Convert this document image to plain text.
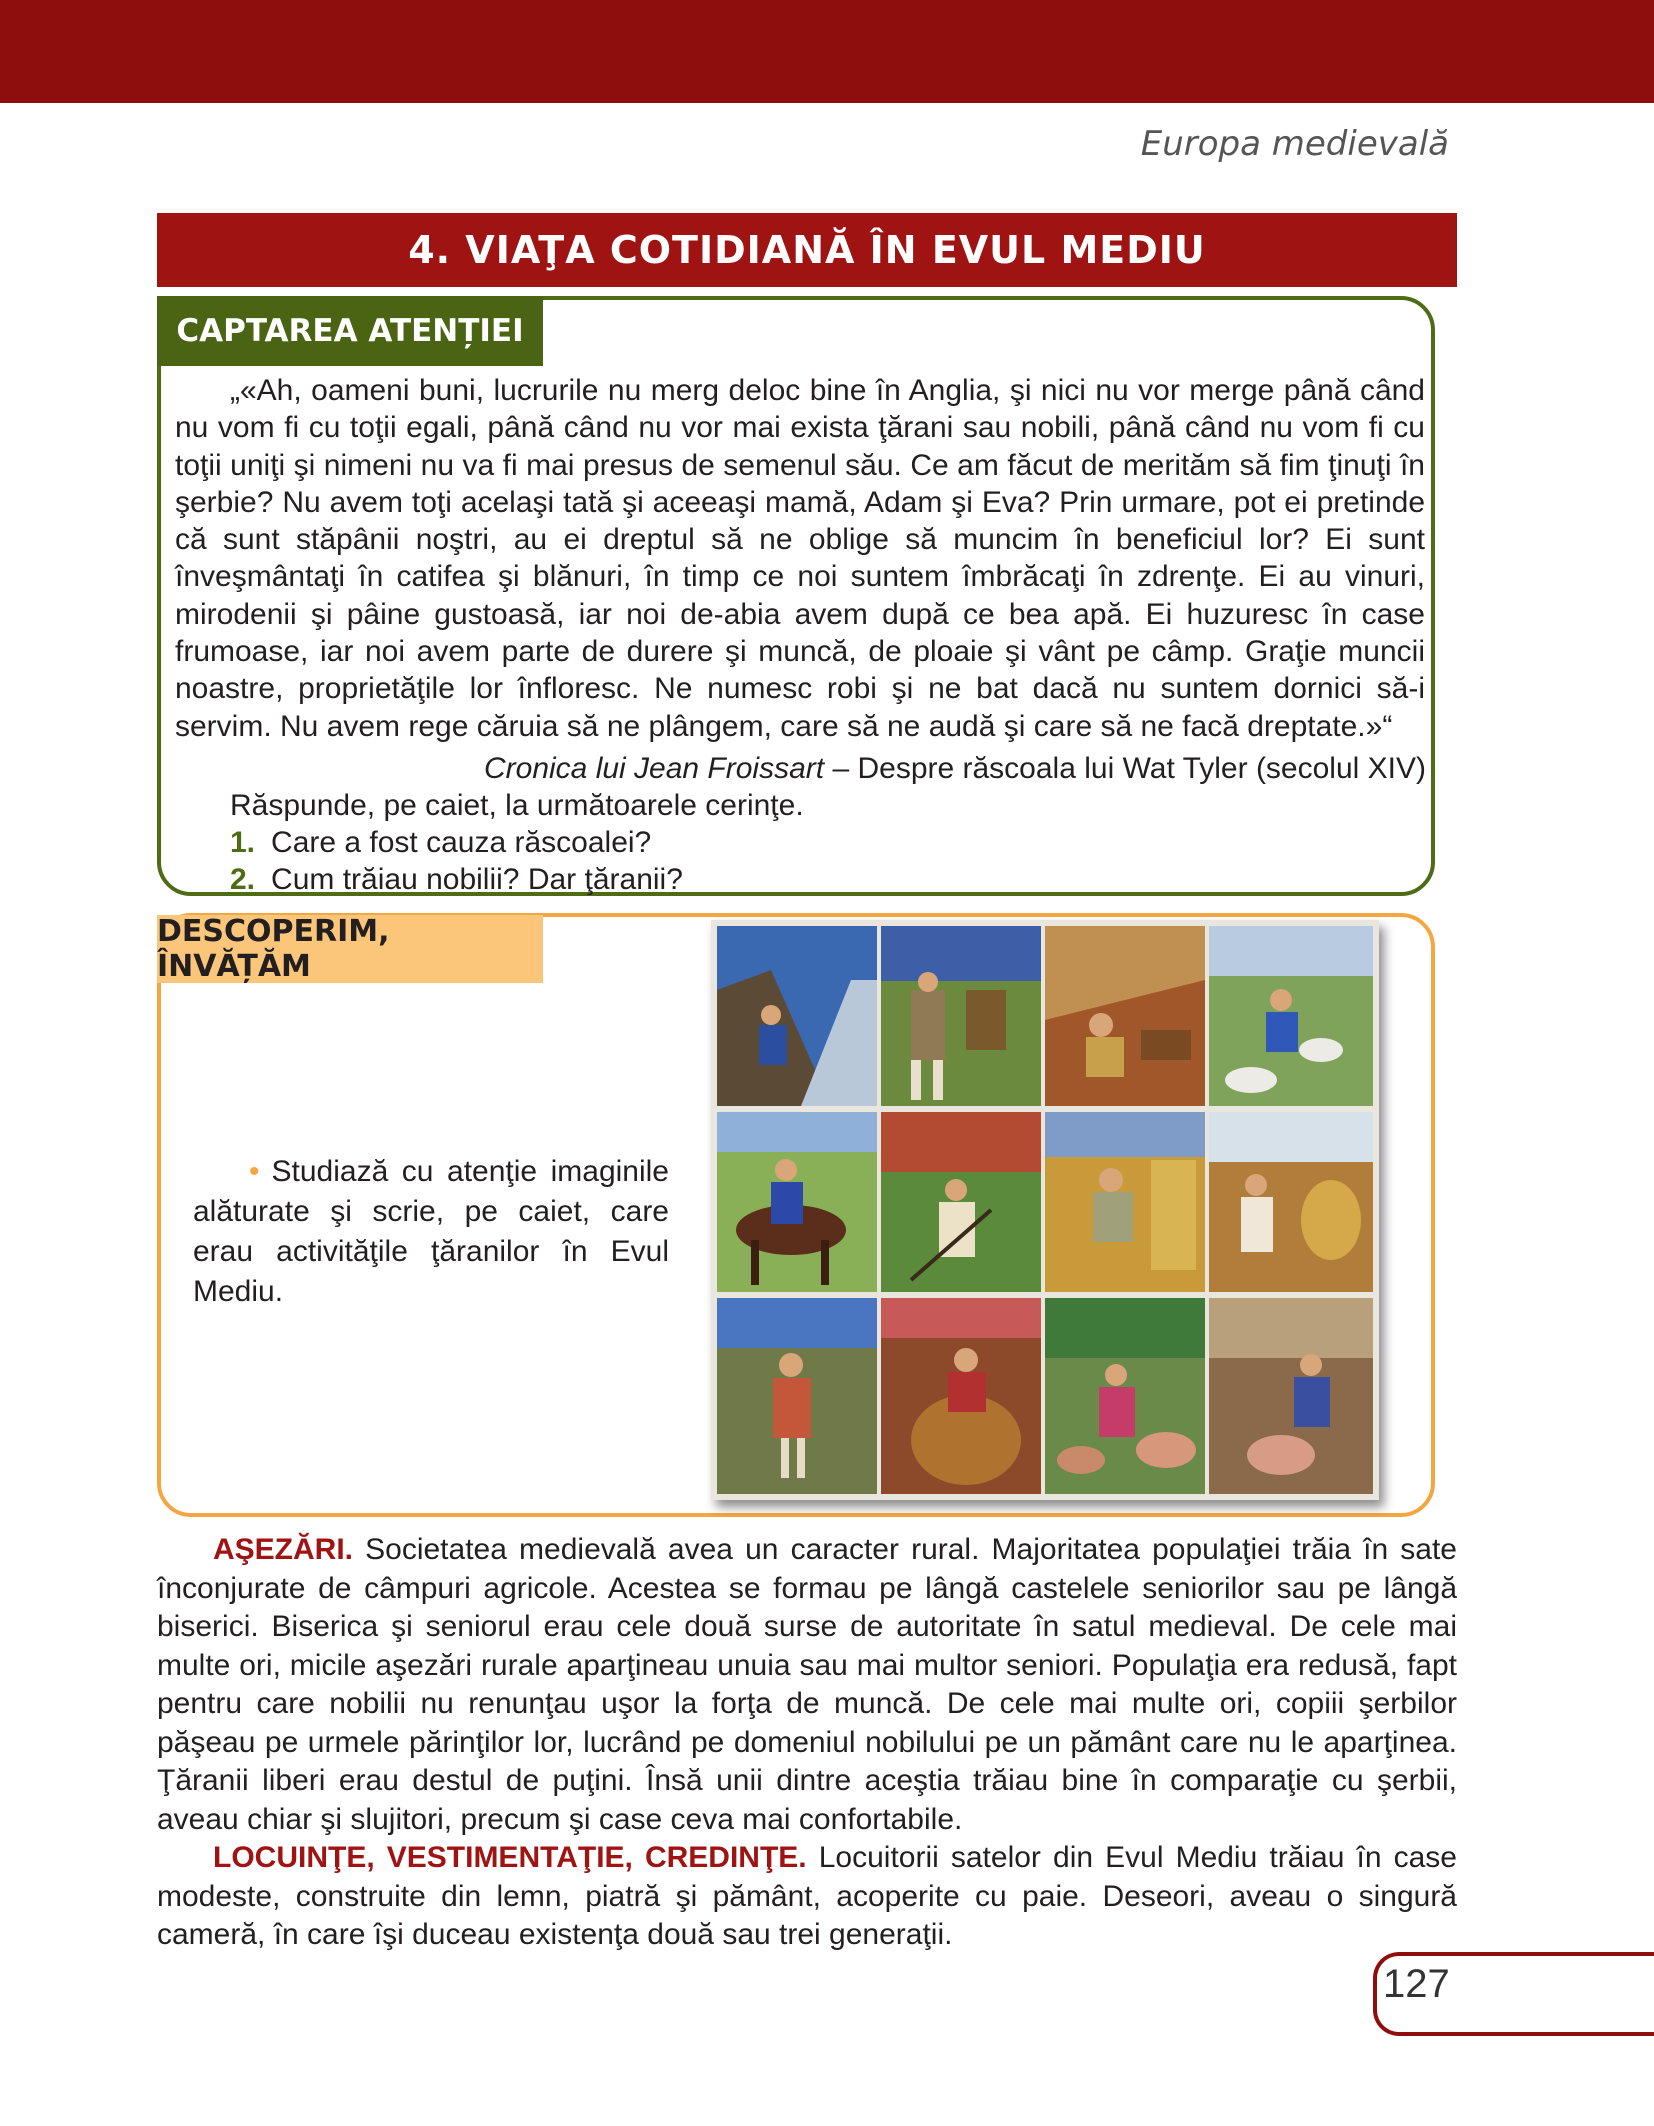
Europa medievală
4. VIAŢA COTIDIANĂ ÎN EVUL MEDIU
CAPTAREA ATENȚIEI

„«Ah, oameni buni, lucrurile nu merg deloc bine în Anglia, şi nici nu vor merge până când nu vom fi cu toţii egali, până când nu vor mai exista ţărani sau nobili, până când nu vom fi cu toţii uniţi şi nimeni nu va fi mai presus de semenul său. Ce am făcut de merităm să fim ţinuţi în şerbie? Nu avem toţi acelaşi tată şi aceeaşi mamă, Adam şi Eva? Prin urmare, pot ei pretinde că sunt stăpânii noştri, au ei dreptul să ne oblige să muncim în beneficiul lor? Ei sunt înveşmântaţi în catifea şi blănuri, în timp ce noi suntem îmbrăcaţi în zdrenţe. Ei au vinuri, mirodenii şi pâine gustoasă, iar noi de-abia avem după ce bea apă. Ei huzuresc în case frumoase, iar noi avem parte de durere şi muncă, de ploaie şi vânt pe câmp. Graţie muncii noastre, proprietăţile lor înfloresc. Ne numesc robi şi ne bat dacă nu suntem dornici să-i servim. Nu avem rege căruia să ne plângem, care să ne audă şi care să ne facă dreptate.»“

Cronica lui Jean Froissart – Despre răscoala lui Wat Tyler (secolul XIV)
Răspunde, pe caiet, la următoarele cerinţe.
1. Care a fost cauza răscoalei?
2. Cum trăiau nobilii? Dar ţăranii?
DESCOPERIM, ÎNVĂȚĂM
• Studiază cu atenţie imaginile alăturate şi scrie, pe caiet, care erau activităţile ţăranilor în Evul Mediu.

AŞEZĂRI. Societatea medievală avea un caracter rural. Majoritatea populaţiei trăia în sate înconjurate de câmpuri agricole. Acestea se formau pe lângă castelele seniorilor sau pe lângă biserici. Biserica şi seniorul erau cele două surse de autoritate în satul medieval. De cele mai multe ori, micile aşezări rurale aparţineau unuia sau mai multor seniori. Populaţia era redusă, fapt pentru care nobilii nu renunţau uşor la forţa de muncă. De cele mai multe ori, copiii şerbilor păşeau pe urmele părinţilor lor, lucrând pe domeniul nobilului pe un pământ care nu le aparţinea. Ţăranii liberi erau destul de puţini. Însă unii dintre aceştia trăiau bine în comparaţie cu şerbii, aveau chiar şi slujitori, precum şi case ceva mai confortabile.

LOCUINŢE, VESTIMENTAŢIE, CREDINŢE. Locuitorii satelor din Evul Mediu trăiau în case modeste, construite din lemn, piatră şi pământ, acoperite cu paie. Deseori, aveau o singură cameră, în care îşi duceau existenţa două sau trei generaţii.

127
